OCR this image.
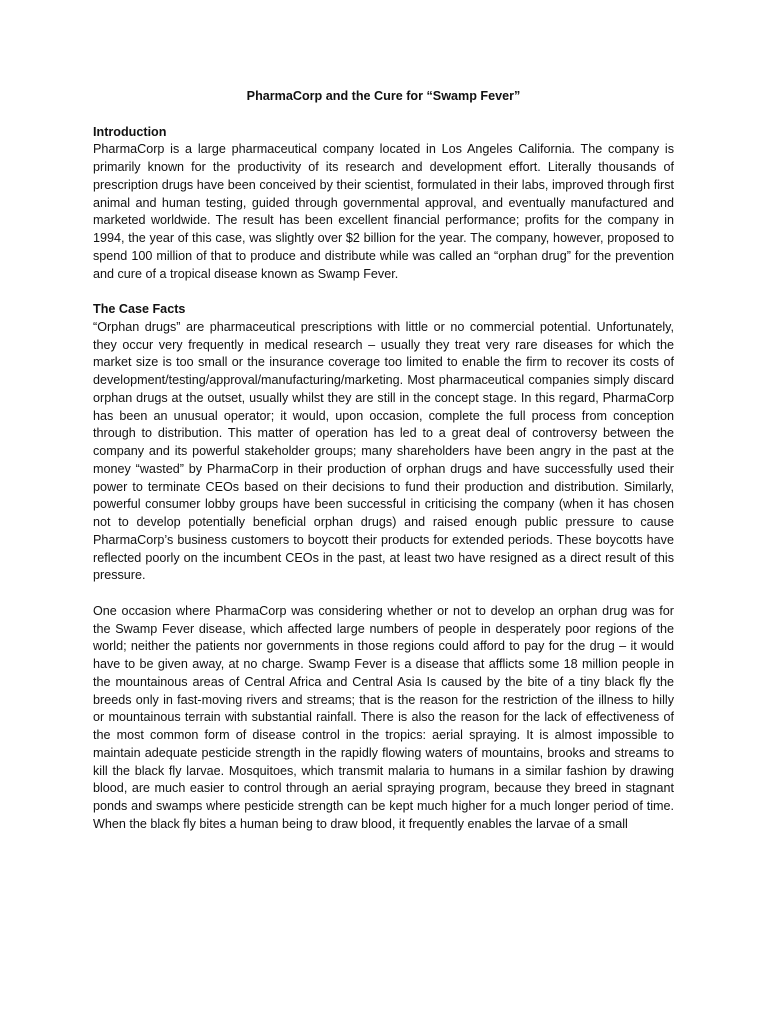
PharmaCorp and the Cure for “Swamp Fever”

Introduction

PharmaCorp is a large pharmaceutical company located in Los Angeles California. The company is primarily known for the productivity of its research and development effort. Literally thousands of prescription drugs have been conceived by their scientist, formulated in their labs, improved through first animal and human testing, guided through governmental approval, and eventually manufactured and marketed worldwide. The result has been excellent financial performance; profits for the company in 1994, the year of this case, was slightly over $2 billion for the year. The company, however, proposed to spend 100 million of that to produce and distribute while was called an “orphan drug” for the prevention and cure of a tropical disease known as Swamp Fever.

The Case Facts

“Orphan drugs” are pharmaceutical prescriptions with little or no commercial potential. Unfortunately, they occur very frequently in medical research – usually they treat very rare diseases for which the market size is too small or the insurance coverage too limited to enable the firm to recover its costs of development/testing/approval/manufacturing/marketing. Most pharmaceutical companies simply discard orphan drugs at the outset, usually whilst they are still in the concept stage. In this regard, PharmaCorp has been an unusual operator; it would, upon occasion, complete the full process from conception through to distribution. This matter of operation has led to a great deal of controversy between the company and its powerful stakeholder groups; many shareholders have been angry in the past at the money “wasted” by PharmaCorp in their production of orphan drugs and have successfully used their power to terminate CEOs based on their decisions to fund their production and distribution. Similarly, powerful consumer lobby groups have been successful in criticising the company (when it has chosen not to develop potentially beneficial orphan drugs) and raised enough public pressure to cause PharmaCorp’s business customers to boycott their products for extended periods. These boycotts have reflected poorly on the incumbent CEOs in the past, at least two have resigned as a direct result of this pressure.

One occasion where PharmaCorp was considering whether or not to develop an orphan drug was for the Swamp Fever disease, which affected large numbers of people in desperately poor regions of the world; neither the patients nor governments in those regions could afford to pay for the drug – it would have to be given away, at no charge. Swamp Fever is a disease that afflicts some 18 million people in the mountainous areas of Central Africa and Central Asia Is caused by the bite of a tiny black fly the breeds only in fast-moving rivers and streams; that is the reason for the restriction of the illness to hilly or mountainous terrain with substantial rainfall. There is also the reason for the lack of effectiveness of the most common form of disease control in the tropics: aerial spraying. It is almost impossible to maintain adequate pesticide strength in the rapidly flowing waters of mountains, brooks and streams to kill the black fly larvae. Mosquitoes, which transmit malaria to humans in a similar fashion by drawing blood, are much easier to control through an aerial spraying program, because they breed in stagnant ponds and swamps where pesticide strength can be kept much higher for a much longer period of time. When the black fly bites a human being to draw blood, it frequently enables the larvae of a small
